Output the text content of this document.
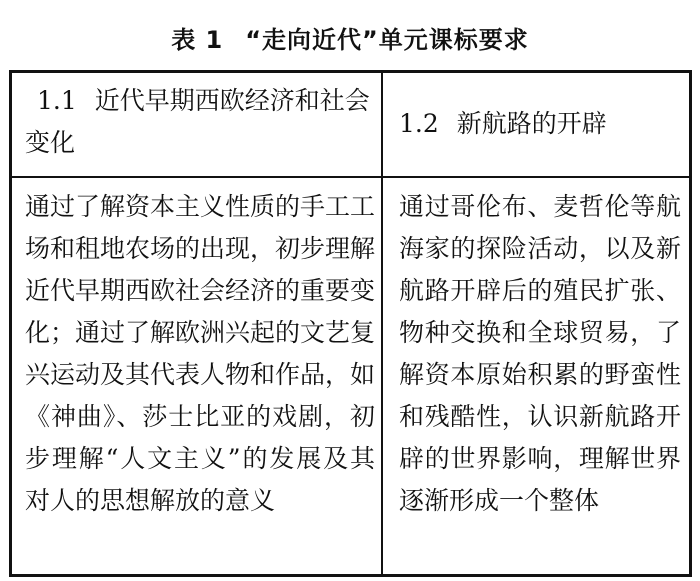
表 1 “走向近代”单元课标要求
1.1 近代早期西欧经济和社会变化	1.2 新航路的开辟
通过了解资本主义性质的手工工场和租地农场的出现，初步理解近代早期西欧社会经济的重要变化；通过了解欧洲兴起的文艺复兴运动及其代表人物和作品，如《神曲》、莎士比亚的戏剧，初步理解“人文主义”的发展及其对人的思想解放的意义	通过哥伦布、麦哲伦等航海家的探险活动，以及新航路开辟后的殖民扩张、物种交换和全球贸易，了解资本原始积累的野蛮性和残酷性，认识新航路开辟的世界影响，理解世界逐渐形成一个整体
